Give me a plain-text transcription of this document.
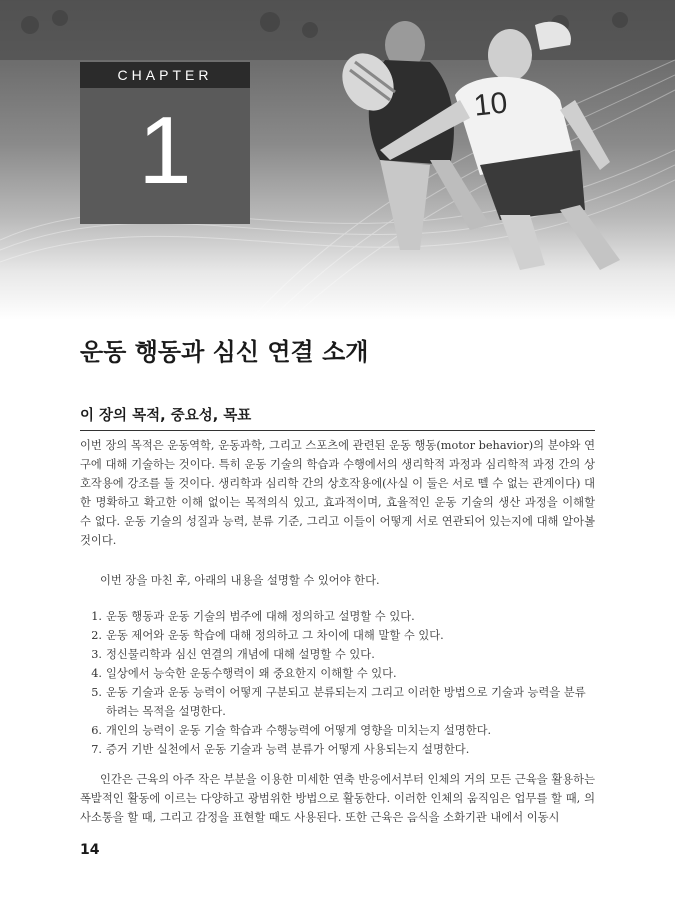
CHAPTER
1	10
운동 행동과 심신 연결 소개
이 장의 목적, 중요성, 목표

이번 장의 목적은 운동역학, 운동과학, 그리고 스포츠에 관련된 운동 행동(motor behavior)의 분야와 연구에 대해 기술하는 것이다. 특히 운동 기술의 학습과 수행에서의 생리학적 과정과 심리학적 과정 간의 상호작용에 강조를 둘 것이다. 생리학과 심리학 간의 상호작용에(사실 이 둘은 서로 뗄 수 없는 관계이다) 대한 명확하고 확고한 이해 없이는 목적의식 있고, 효과적이며, 효율적인 운동 기술의 생산 과정을 이해할 수 없다. 운동 기술의 성질과 능력, 분류 기준, 그리고 이들이 어떻게 서로 연관되어 있는지에 대해 알아볼 것이다.

이번 장을 마친 후, 아래의 내용을 설명할 수 있어야 한다.

1. 운동 행동과 운동 기술의 범주에 대해 정의하고 설명할 수 있다.
2. 운동 제어와 운동 학습에 대해 정의하고 그 차이에 대해 말할 수 있다.
3. 정신물리학과 심신 연결의 개념에 대해 설명할 수 있다.
4. 일상에서 능숙한 운동수행력이 왜 중요한지 이해할 수 있다.
5. 운동 기술과 운동 능력이 어떻게 구분되고 분류되는지 그리고 이러한 방법으로 기술과 능력을 분류하려는 목적을 설명한다.
6. 개인의 능력이 운동 기술 학습과 수행능력에 어떻게 영향을 미치는지 설명한다.
7. 증거 기반 실천에서 운동 기술과 능력 분류가 어떻게 사용되는지 설명한다.

인간은 근육의 아주 작은 부분을 이용한 미세한 연축 반응에서부터 인체의 거의 모든 근육을 활용하는 폭발적인 활동에 이르는 다양하고 광범위한 방법으로 활동한다. 이러한 인체의 움직임은 업무를 할 때, 의사소통을 할 때, 그리고 감정을 표현할 때도 사용된다. 또한 근육은 음식을 소화기관 내에서 이동시

14
